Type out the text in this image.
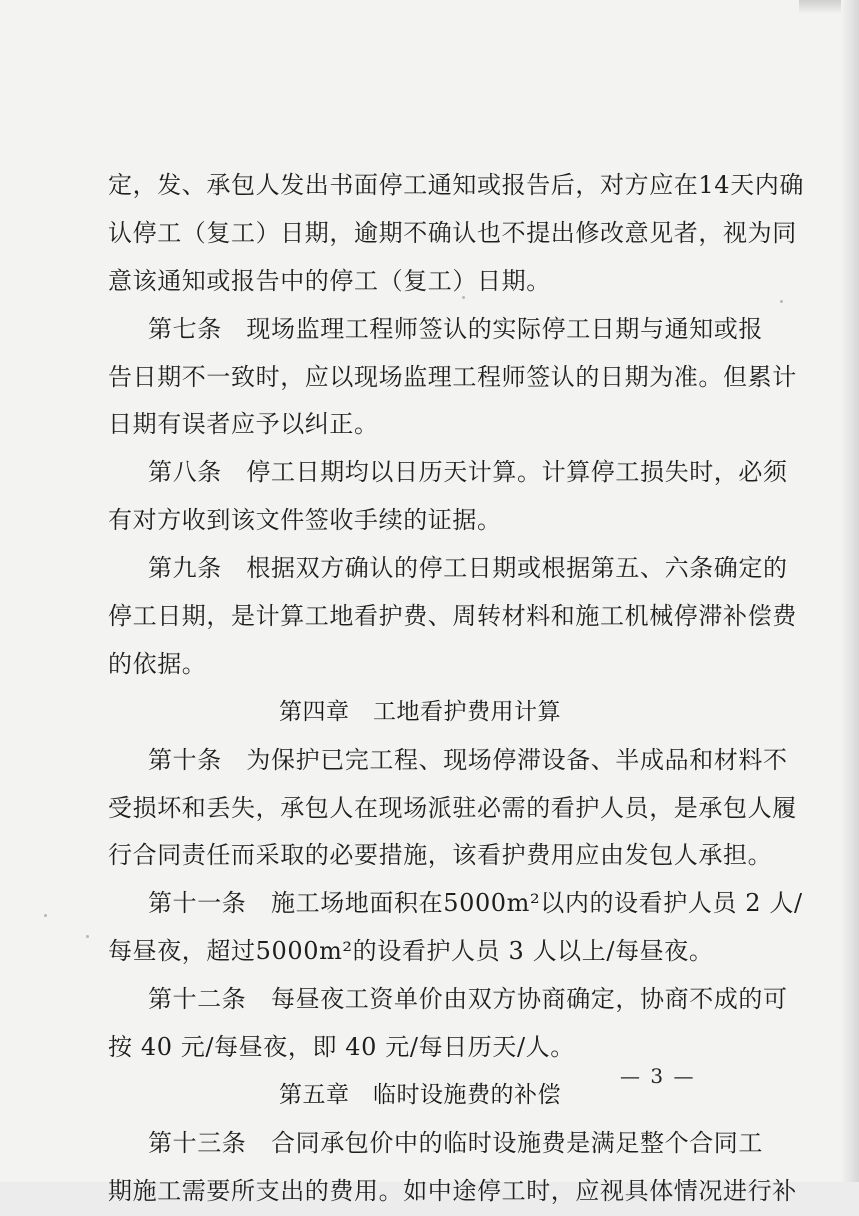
定，发、承包人发出书面停工通知或报告后，对方应在14天内确
认停工（复工）日期，逾期不确认也不提出修改意见者，视为同
意该通知或报告中的停工（复工）日期。
第七条　现场监理工程师签认的实际停工日期与通知或报
告日期不一致时，应以现场监理工程师签认的日期为准。但累计
日期有误者应予以纠正。
第八条　停工日期均以日历天计算。计算停工损失时，必须
有对方收到该文件签收手续的证据。
第九条　根据双方确认的停工日期或根据第五、六条确定的
停工日期，是计算工地看护费、周转材料和施工机械停滞补偿费
的依据。
第四章　工地看护费用计算
第十条　为保护已完工程、现场停滞设备、半成品和材料不
受损坏和丢失，承包人在现场派驻必需的看护人员，是承包人履
行合同责任而采取的必要措施，该看护费用应由发包人承担。
第十一条　施工场地面积在5000m²以内的设看护人员 2 人/
每昼夜，超过5000m²的设看护人员 3 人以上/每昼夜。
第十二条　每昼夜工资单价由双方协商确定，协商不成的可
按 40 元/每昼夜，即 40 元/每日历天/人。
第五章　临时设施费的补偿
第十三条　合同承包价中的临时设施费是满足整个合同工
期施工需要所支出的费用。如中途停工时，应视具体情况进行补
— 3 —
